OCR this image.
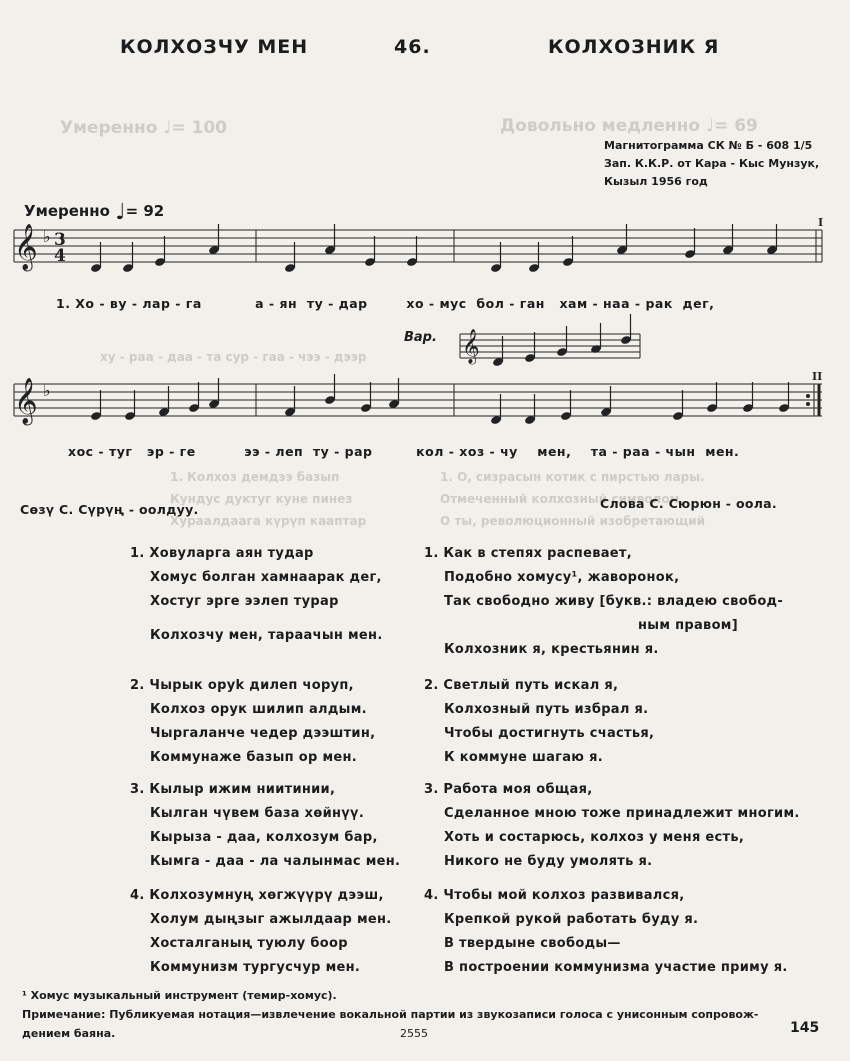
Умеренно ♩= 100	Довольно медленно ♩= 69
ху - раа - даа - та сур - гаа - чээ - дээр
1. Колхоз демдээ базып
Кундус дуктуг куне пинез
Хураалдаага күрүп кааптар
1. О, сизрасын котик с пирстью лары.
Отмеченный колхозный символом
О ты, революционный изобретающий
КОЛХОЗЧУ МЕН	46.	КОЛХОЗНИК Я
Магнитограмма СК № Б - 608 1/5
Зап. К.К.Р. от Кара - Кыс Мунзук,
Кызыл 1956 год
Умеренно ♩= 92
𝄞 ♭ 3
4
𝄞 ♭
𝄞
I
II
1. Хо - ву - лар - га           а - ян  ту - дар        хо - мус  бол - ган   хам - наа - рак  дег,
Вар.
хос - туг   эр - ге          ээ - леп  ту - рар         кол - хоз - чу    мен,    та - раа - чын  мен.
Сөзү С. Сүрүң - оолдуу.	Слова С. Сюрюн - оола.
1. Ховуларга аян тудар
Хомус болган хамнаарак дег,
Хостуг эрге ээлеп турар
Колхозчу мен, тараачын мен.
2. Чырык оруk дилеп чоруп,
Колхоз орук шилип алдым.
Чыргаланче чедер дээштин,
Коммунаже базып ор мен.
3. Кылыр ижим ниитинии,
Кылган чүвем база хөйнүү.
Кырыза - даа, колхозум бар,
Кымга - даа - ла чалынмас мен.
4. Колхозумнуң хөгжүүрү дээш,
Холум дыңзыг ажылдаар мен.
Хосталганың туюлу боор
Коммунизм тургусчур мен.
1. Как в степях распевает,
Подобно хомусу¹, жаворонок,
Так свободно живу [букв.: владею свобод-
ным правом]
Колхозник я, крестьянин я.
2. Светлый путь искал я,
Колхозный путь избрал я.
Чтобы достигнуть счастья,
К коммуне шагаю я.
3. Работа моя общая,
Сделанное мною тоже принадлежит многим.
Хоть и состарюсь, колхоз у меня есть,
Никого не буду умолять я.
4. Чтобы мой колхоз развивался,
Крепкой рукой работать буду я.
В твердыне свободы—
В построении коммунизма участие приму я.
¹ Хомус музыкальный инструмент (темир-хомус).
Примечание: Публикуемая нотация—извлечение вокальной партии из звукозаписи голоса с унисонным сопровож-
дением баяна.	2555	145
